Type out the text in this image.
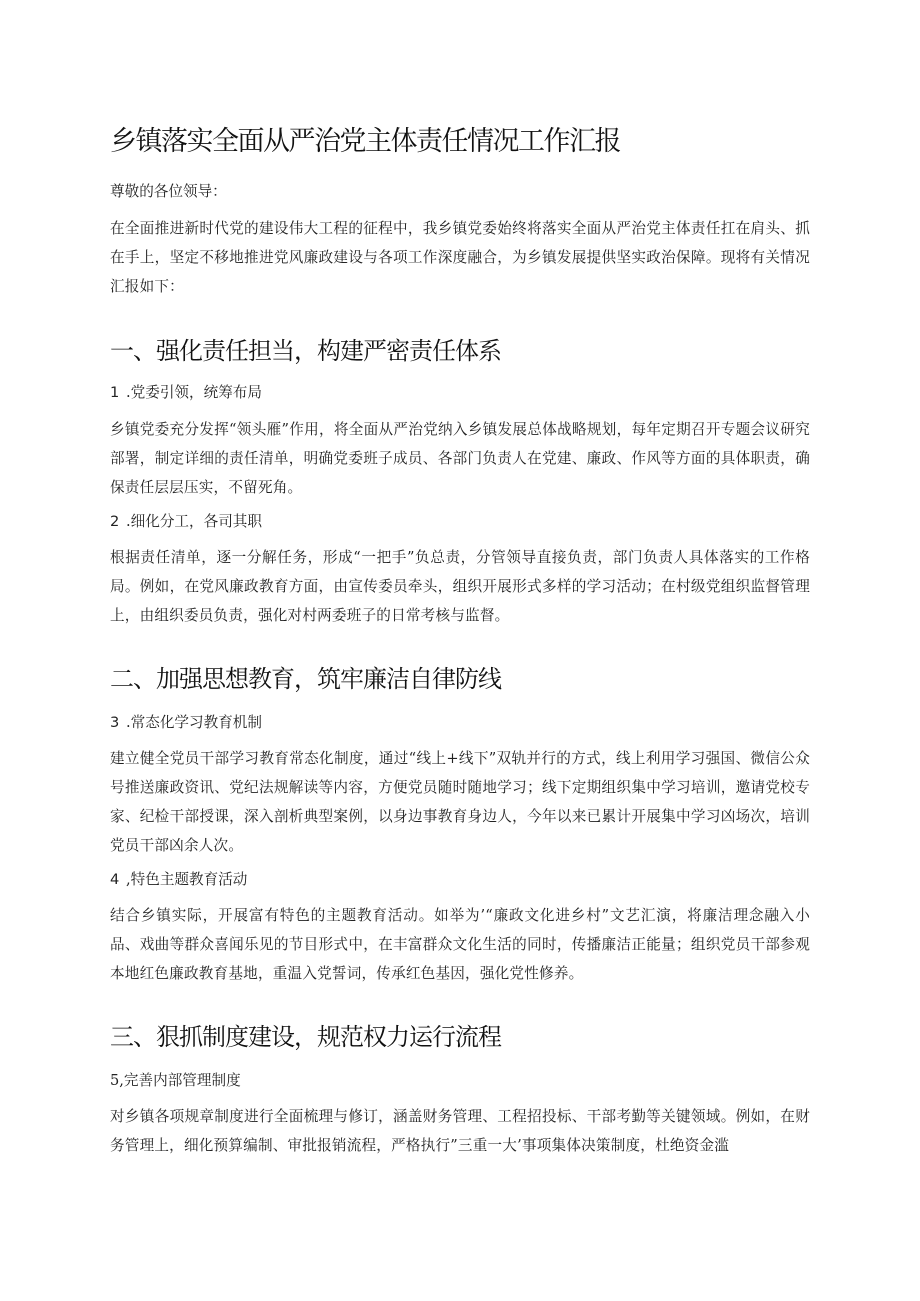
乡镇落实全面从严治党主体责任情况工作汇报
尊敬的各位领导：
在全面推进新时代党的建设伟大工程的征程中，我乡镇党委始终将落实全面从严治党主体责任扛在肩头、抓在手上，坚定不移地推进党风廉政建设与各项工作深度融合，为乡镇发展提供坚实政治保障。现将有关情况汇报如下：
一、强化责任担当，构建严密责任体系
1 .党委引领，统筹布局
乡镇党委充分发挥“领头雁”作用，将全面从严治党纳入乡镇发展总体战略规划，每年定期召开专题会议研究部署，制定详细的责任清单，明确党委班子成员、各部门负责人在党建、廉政、作风等方面的具体职责，确保责任层层压实，不留死角。
2 .细化分工，各司其职
根据责任清单，逐一分解任务，形成“一把手”负总责，分管领导直接负责，部门负责人具体落实的工作格局。例如，在党风廉政教育方面，由宣传委员牵头，组织开展形式多样的学习活动；在村级党组织监督管理上，由组织委员负责，强化对村两委班子的日常考核与监督。
二、加强思想教育，筑牢廉洁自律防线
3 .常态化学习教育机制
建立健全党员干部学习教育常态化制度，通过“线上+线下”双轨并行的方式，线上利用学习强国、微信公众号推送廉政资讯、党纪法规解读等内容，方便党员随时随地学习；线下定期组织集中学习培训，邀请党校专家、纪检干部授课，深入剖析典型案例，以身边事教育身边人，今年以来已累计开展集中学习凶场次，培训党员干部凶余人次。
4 ,特色主题教育活动
结合乡镇实际，开展富有特色的主题教育活动。如举为’“廉政文化进乡村”文艺汇演，将廉洁理念融入小品、戏曲等群众喜闻乐见的节目形式中，在丰富群众文化生活的同时，传播廉洁正能量；组织党员干部参观本地红色廉政教育基地，重温入党誓词，传承红色基因，强化党性修养。
三、狠抓制度建设，规范权力运行流程
5,完善内部管理制度
对乡镇各项规章制度进行全面梳理与修订，涵盖财务管理、工程招投标、干部考勤等关键领域。例如，在财务管理上，细化预算编制、审批报销流程，严格执行”三重一大’事项集体决策制度，杜绝资金滥
